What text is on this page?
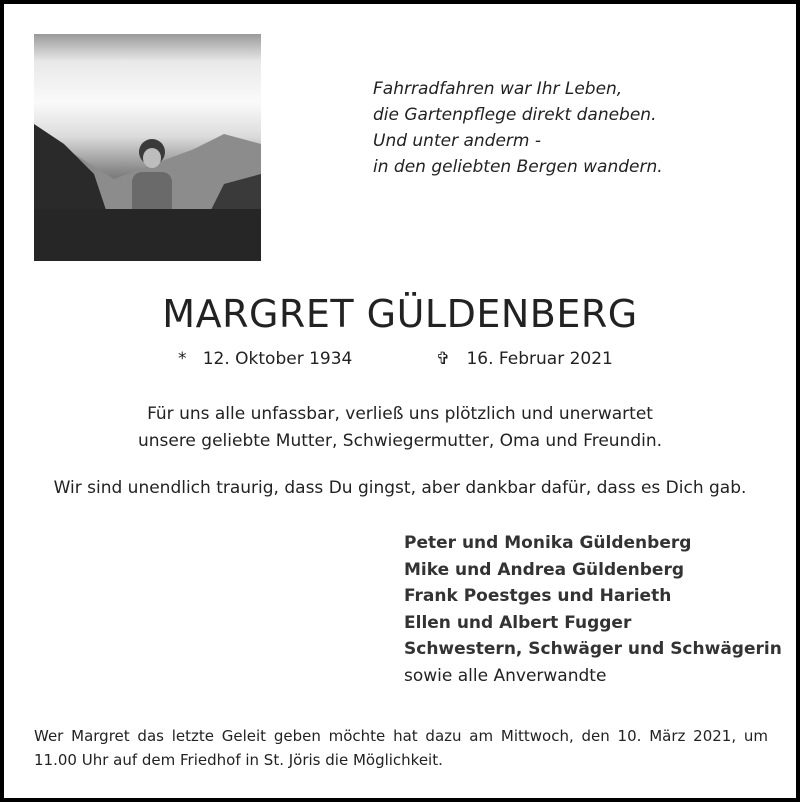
Fahrradfahren war Ihr Leben,
die Gartenpflege direkt daneben.
Und unter anderm -
in den geliebten Bergen wandern.
MARGRET GÜLDENBERG
* 12. Oktober 1934	✞ 16. Februar 2021
Für uns alle unfassbar, verließ uns plötzlich und unerwartet
unsere geliebte Mutter, Schwiegermutter, Oma und Freundin.
Wir sind unendlich traurig, dass Du gingst, aber dankbar dafür, dass es Dich gab.
Peter und Monika Güldenberg
Mike und Andrea Güldenberg
Frank Poestges und Harieth
Ellen und Albert Fugger
Schwestern, Schwäger und Schwägerin
sowie alle Anverwandte
Wer Margret das letzte Geleit geben möchte hat dazu am Mittwoch, den 10. März 2021, um 11.00 Uhr auf dem Friedhof in St. Jöris die Möglichkeit.
